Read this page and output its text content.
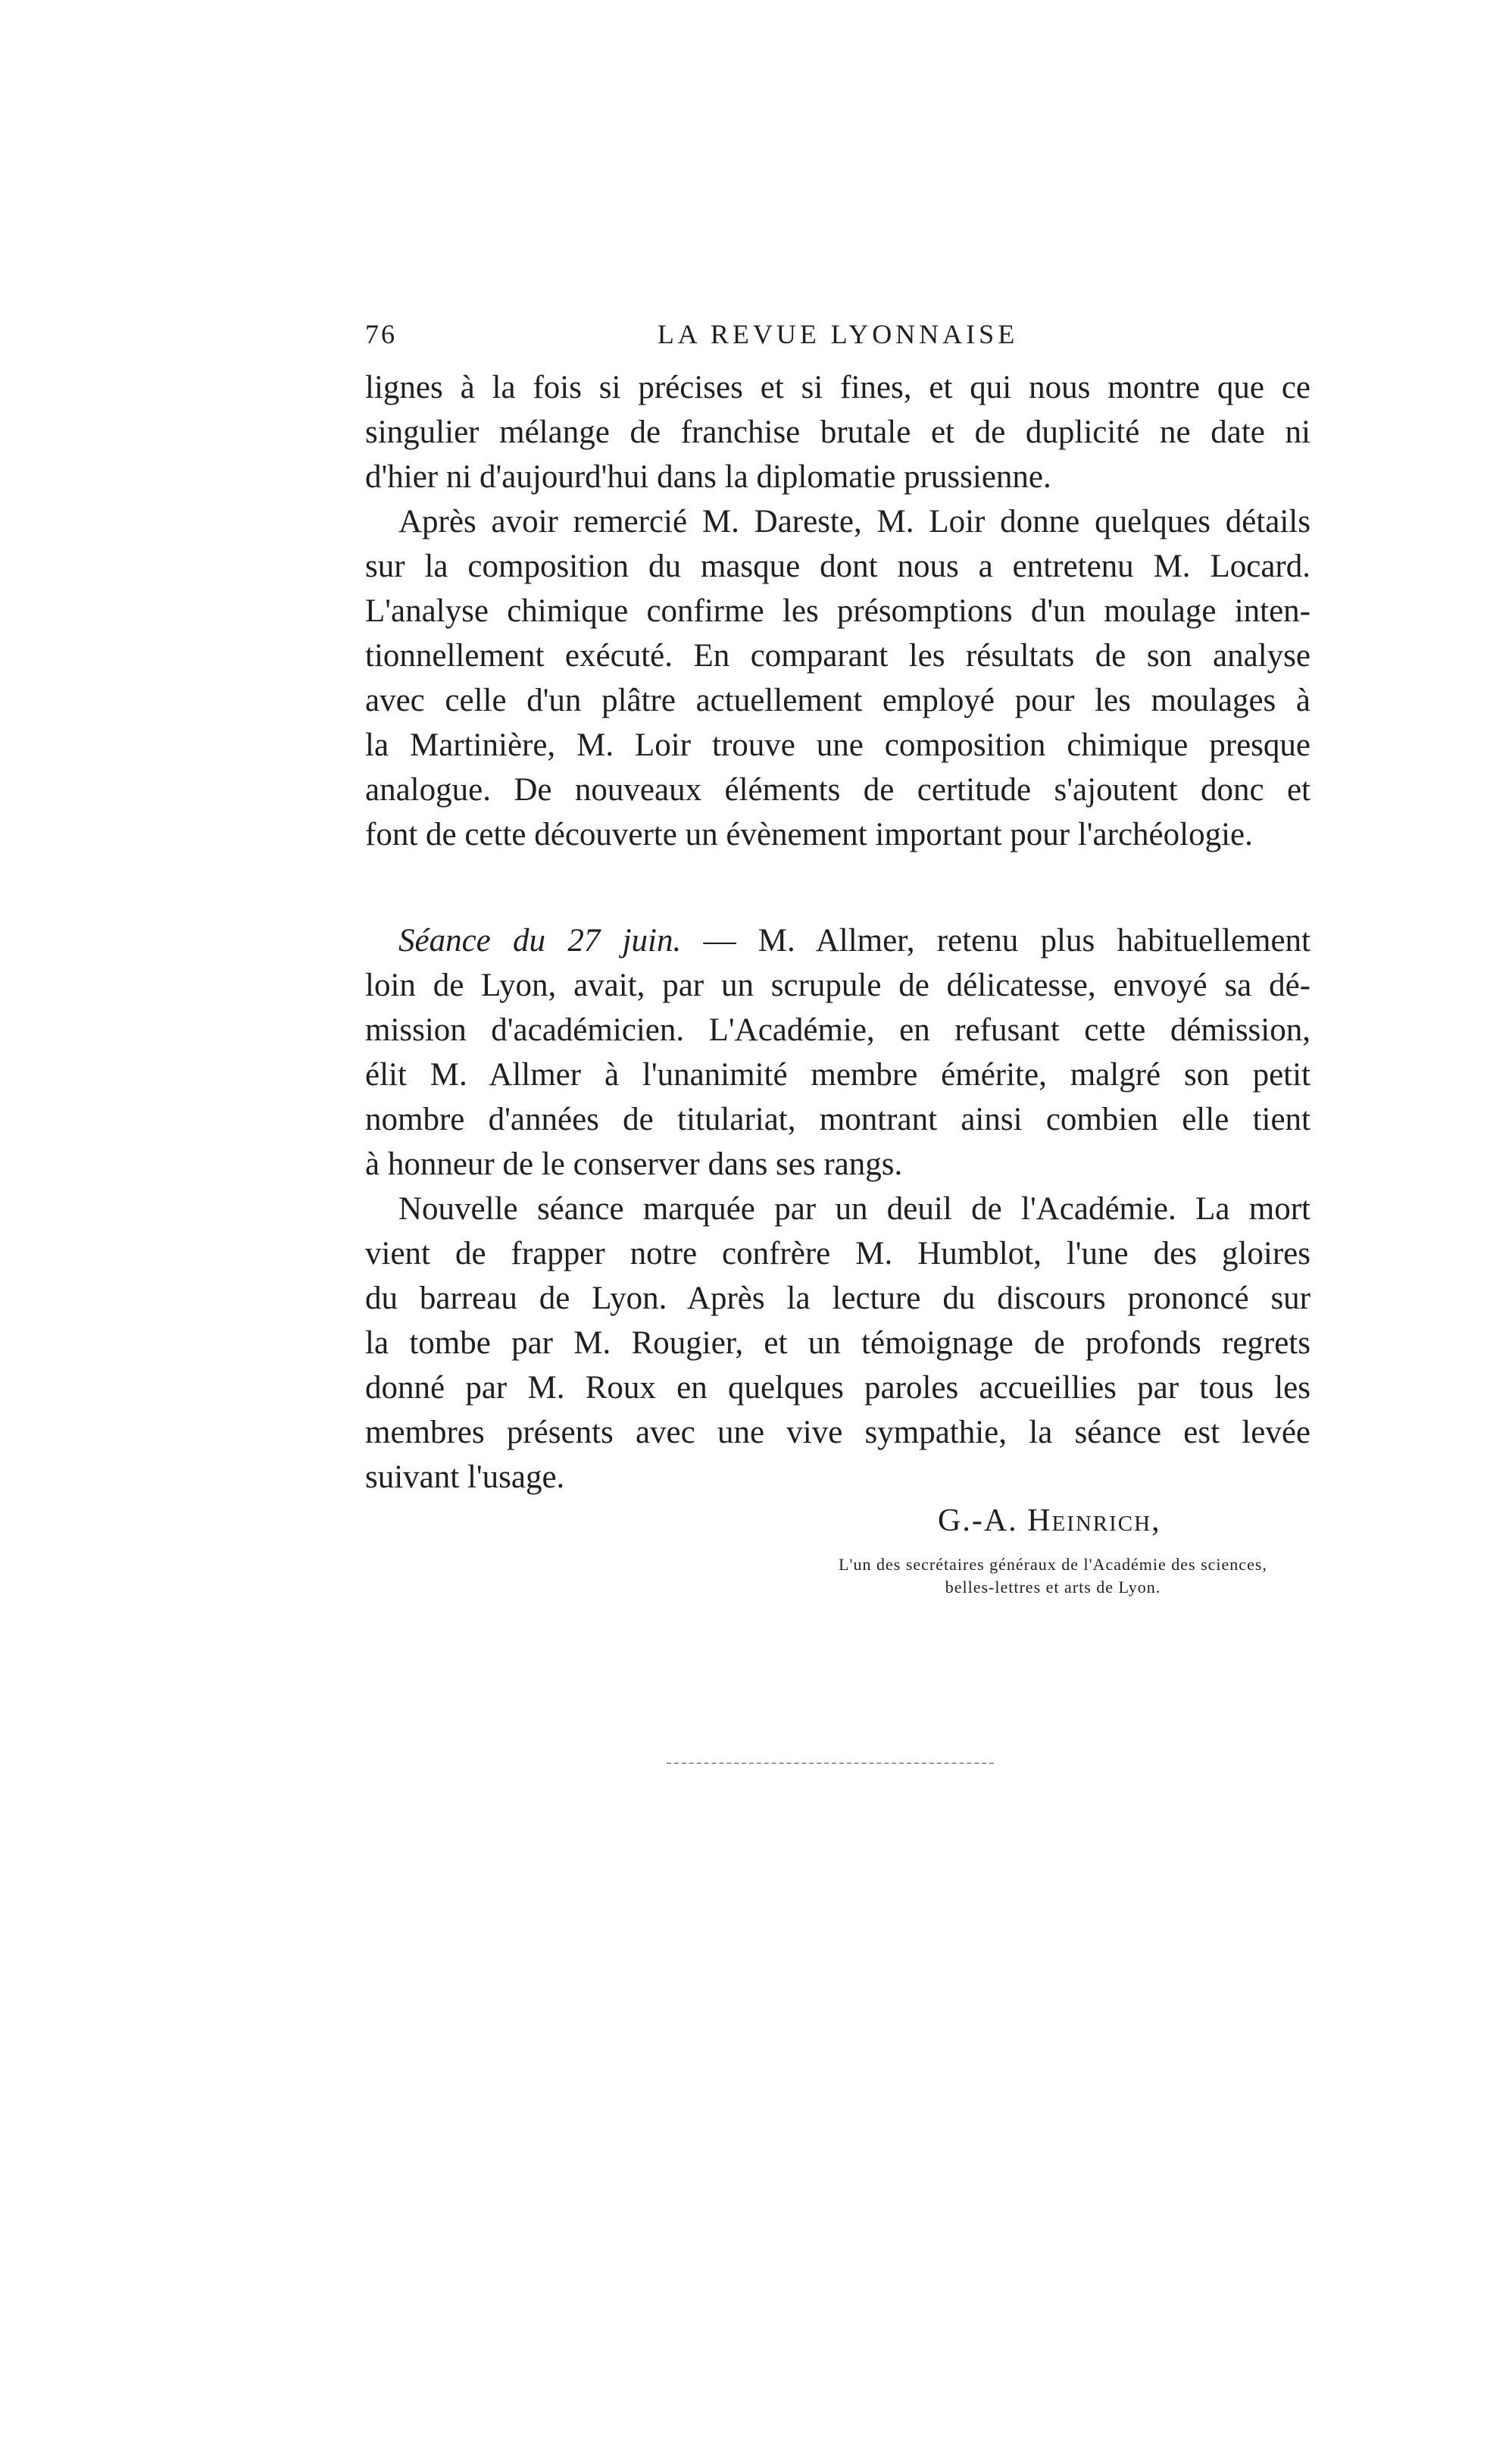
76	LA REVUE LYONNAISE
lignes à la fois si précises et si fines, et qui nous montre que ce
singulier mélange de franchise brutale et de duplicité ne date ni
d'hier ni d'aujourd'hui dans la diplomatie prussienne.
Après avoir remercié M. Dareste, M. Loir donne quelques détails
sur la composition du masque dont nous a entretenu M. Locard.
L'analyse chimique confirme les présomptions d'un moulage inten-
tionnellement exécuté. En comparant les résultats de son analyse
avec celle d'un plâtre actuellement employé pour les moulages à
la Martinière, M. Loir trouve une composition chimique presque
analogue. De nouveaux éléments de certitude s'ajoutent donc et
font de cette découverte un évènement important pour l'archéologie.
Séance du 27 juin. — M. Allmer, retenu plus habituellement
loin de Lyon, avait, par un scrupule de délicatesse, envoyé sa dé-
mission d'académicien. L'Académie, en refusant cette démission,
élit M. Allmer à l'unanimité membre émérite, malgré son petit
nombre d'années de titulariat, montrant ainsi combien elle tient
à honneur de le conserver dans ses rangs.
Nouvelle séance marquée par un deuil de l'Académie. La mort
vient de frapper notre confrère M. Humblot, l'une des gloires
du barreau de Lyon. Après la lecture du discours prononcé sur
la tombe par M. Rougier, et un témoignage de profonds regrets
donné par M. Roux en quelques paroles accueillies par tous les
membres présents avec une vive sympathie, la séance est levée
suivant l'usage.
G.-A. Heinrich,
L'un des secrétaires généraux de l'Académie des sciences,
belles-lettres et arts de Lyon.
